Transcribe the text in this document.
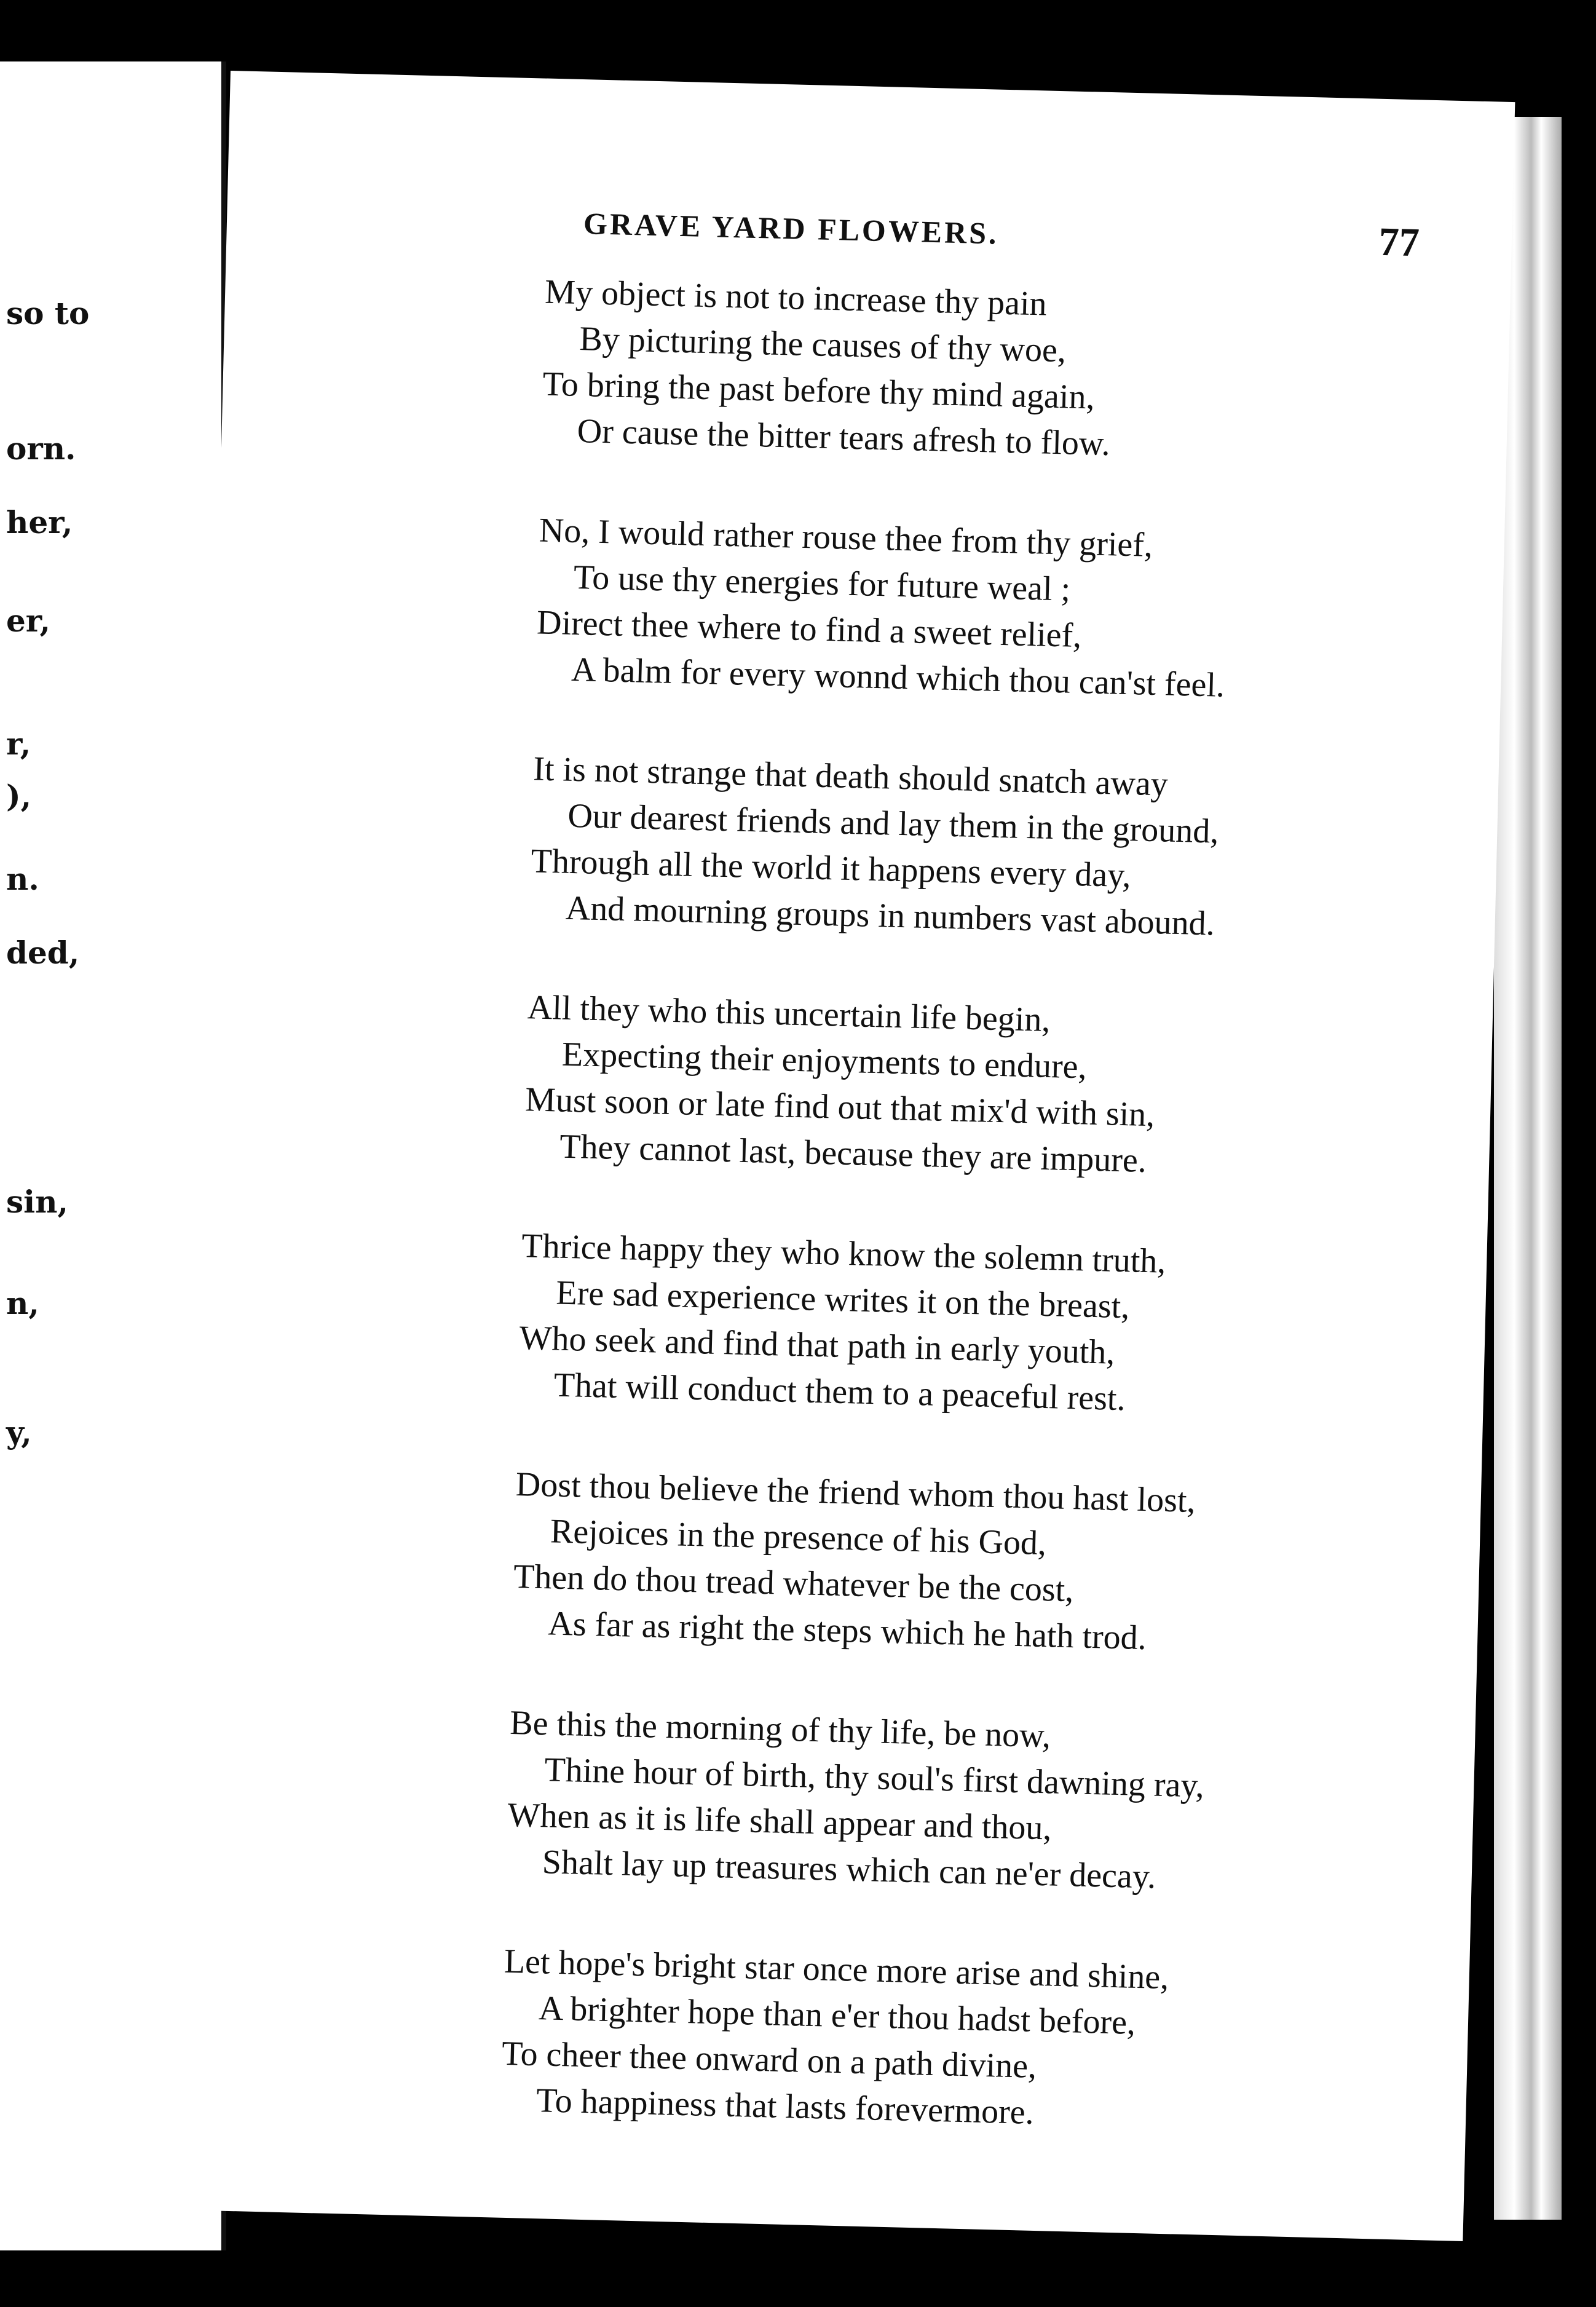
so to
orn.
her,
er,
r,
),
n.
ded,
sin,
n,
y,
GRAVE YARD FLOWERS.	77
My object is not to increase thy pain
By picturing the causes of thy woe,
To bring the past before thy mind again,
Or cause the bitter tears afresh to flow.
No, I would rather rouse thee from thy grief,
To use thy energies for future weal ;
Direct thee where to find a sweet relief,
A balm for every wonnd which thou can'st feel.
It is not strange that death should snatch away
Our dearest friends and lay them in the ground,
Through all the world it happens every day,
And mourning groups in numbers vast abound.
All they who this uncertain life begin,
Expecting their enjoyments to endure,
Must soon or late find out that mix'd with sin,
They cannot last, because they are impure.
Thrice happy they who know the solemn truth,
Ere sad experience writes it on the breast,
Who seek and find that path in early youth,
That will conduct them to a peaceful rest.
Dost thou believe the friend whom thou hast lost,
Rejoices in the presence of his God,
Then do thou tread whatever be the cost,
As far as right the steps which he hath trod.
Be this the morning of thy life, be now,
Thine hour of birth, thy soul's first dawning ray,
When as it is life shall appear and thou,
Shalt lay up treasures which can ne'er decay.
Let hope's bright star once more arise and shine,
A brighter hope than e'er thou hadst before,
To cheer thee onward on a path divine,
To happiness that lasts forevermore.
